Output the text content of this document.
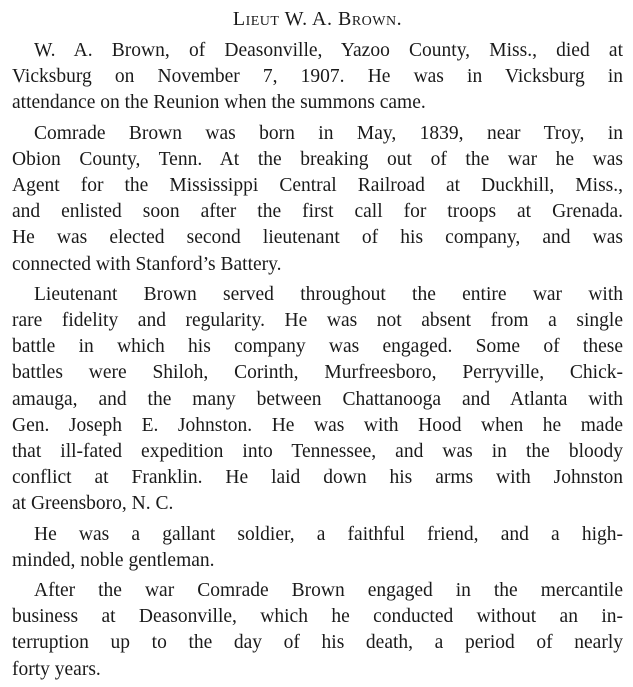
Lieut W. A. Brown.
W. A. Brown, of Deasonville, Yazoo County, Miss., died at
Vicksburg on November 7, 1907. He was in Vicksburg in
attendance on the Reunion when the summons came.
Comrade Brown was born in May, 1839, near Troy, in
Obion County, Tenn. At the breaking out of the war he was
Agent for the Mississippi Central Railroad at Duckhill, Miss.,
and enlisted soon after the first call for troops at Grenada.
He was elected second lieutenant of his company, and was
connected with Stanford’s Battery.
Lieutenant Brown served throughout the entire war with
rare fidelity and regularity. He was not absent from a single
battle in which his company was engaged. Some of these
battles were Shiloh, Corinth, Murfreesboro, Perryville, Chick-
amauga, and the many between Chattanooga and Atlanta with
Gen. Joseph E. Johnston. He was with Hood when he made
that ill-fated expedition into Tennessee, and was in the bloody
conflict at Franklin. He laid down his arms with Johnston
at Greensboro, N. C.
He was a gallant soldier, a faithful friend, and a high-
minded, noble gentleman.
After the war Comrade Brown engaged in the mercantile
business at Deasonville, which he conducted without an in-
terruption up to the day of his death, a period of nearly
forty years.
